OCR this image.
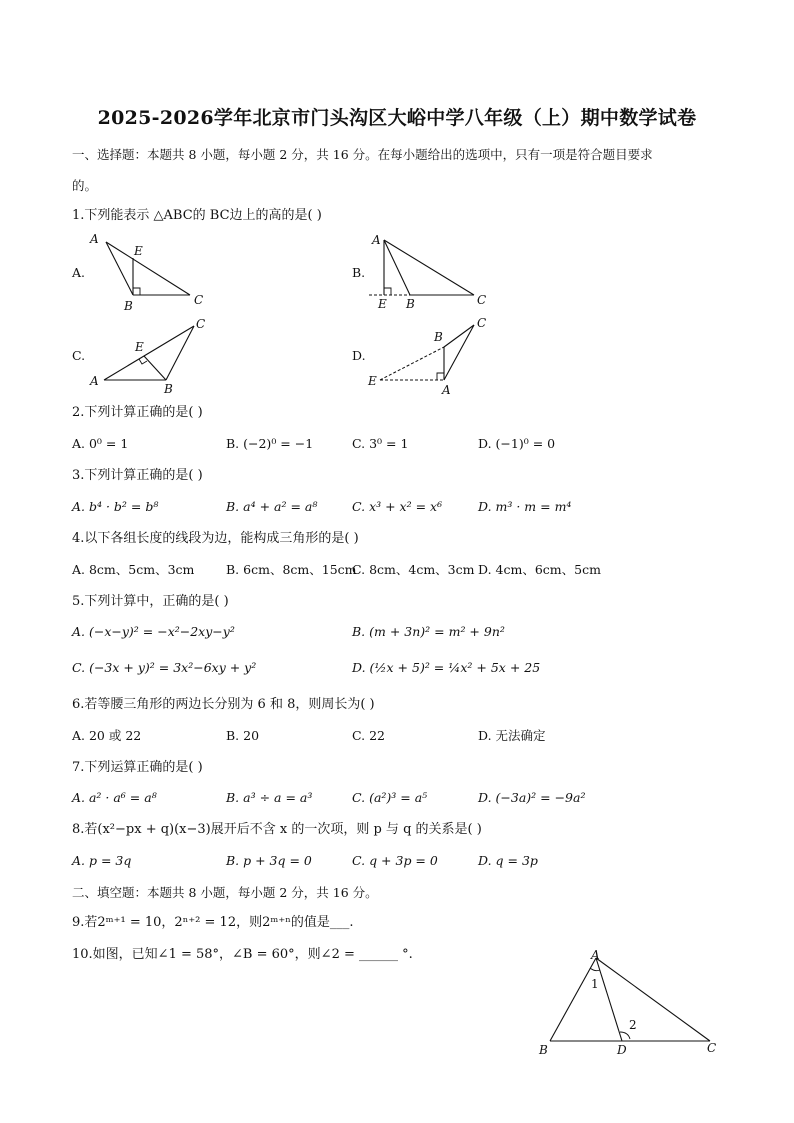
2025-2026学年北京市门头沟区大峪中学八年级（上）期中数学试卷
一、选择题：本题共 8 小题，每小题 2 分，共 16 分。在每小题给出的选项中，只有一项是符合题目要求
的。
1.下列能表示 △ABC的 BC边上的高的是( )
A.
A
E
B	C
B.
A
E B	C
C.
A
E
B
C
D.
E
B
A
C
2.下列计算正确的是( )
A. 0⁰ = 1	B. (−2)⁰ = −1	C. 3⁰ = 1	D. (−1)⁰ = 0
3.下列计算正确的是( )
A. b⁴ · b² = b⁸	B. a⁴ + a² = a⁸	C. x³ + x² = x⁶	D. m³ · m = m⁴
4.以下各组长度的线段为边，能构成三角形的是( )
A. 8cm、5cm、3cm	B. 6cm、8cm、15cm
C. 8cm、4cm、3cm D. 4cm、6cm、5cm
5.下列计算中，正确的是( )
A. (−x−y)² = −x²−2xy−y²	B. (m + 3n)² = m² + 9n²
C. (−3x + y)² = 3x²−6xy + y²	D. (½x + 5)² = ¼x² + 5x + 25
6.若等腰三角形的两边长分别为 6 和 8，则周长为( )
A. 20 或 22	B. 20	C. 22	D. 无法确定
7.下列运算正确的是( )
A. a² · a⁶ = a⁸	B. a³ ÷ a = a³	C. (a²)³ = a⁵	D. (−3a)² = −9a²
8.若(x²−px + q)(x−3)展开后不含 x 的一次项，则 p 与 q 的关系是( )
A. p = 3q	B. p + 3q = 0	C. q + 3p = 0	D. q = 3p
二、填空题：本题共 8 小题，每小题 2 分，共 16 分。
9.若2ᵐ⁺¹ = 10，2ⁿ⁺² = 12，则2ᵐ⁺ⁿ的值是___.
10.如图，已知∠1 = 58°，∠B = 60°，则∠2 = ______ °.	A
B	D	C
1
2
